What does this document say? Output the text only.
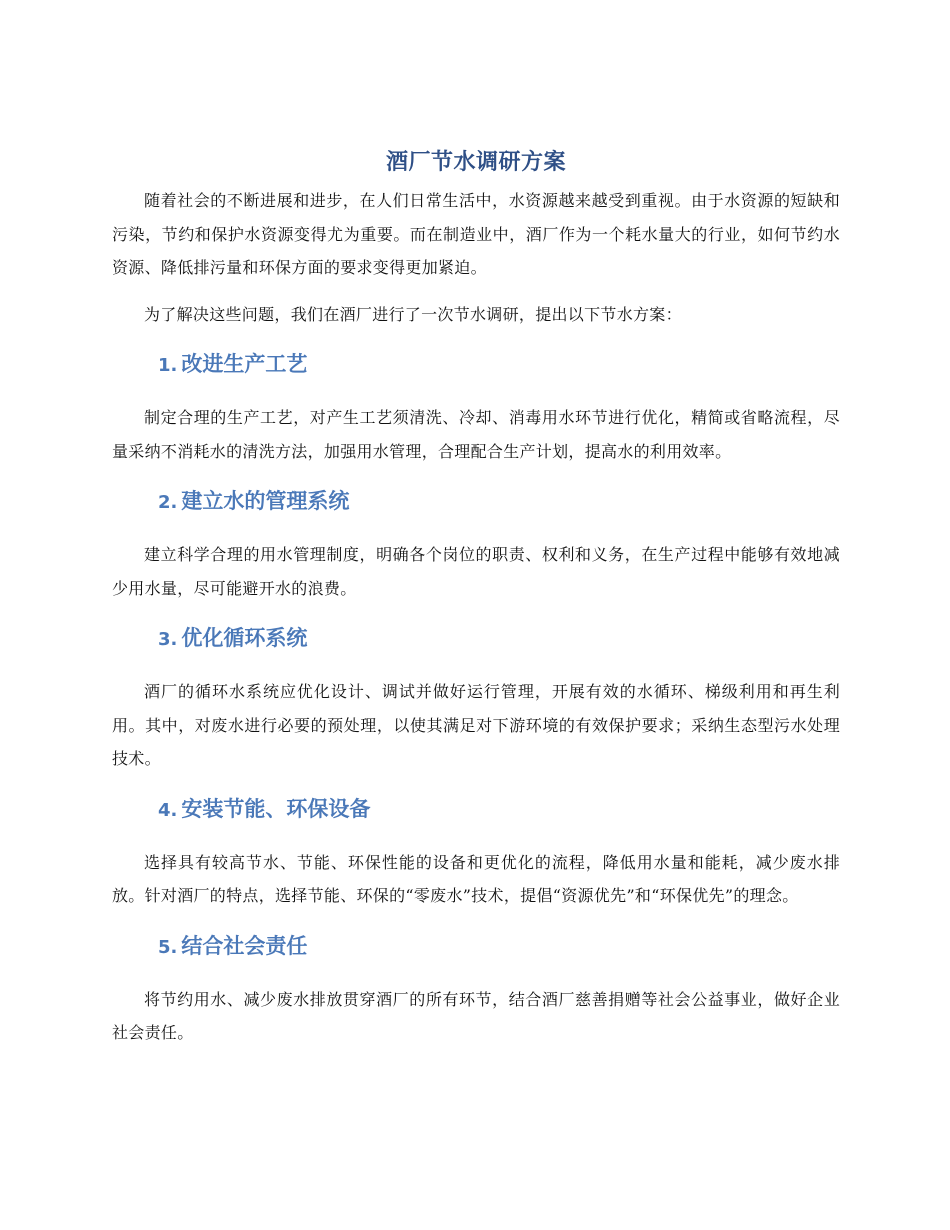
酒厂节水调研方案

随着社会的不断进展和进步，在人们日常生活中，水资源越来越受到重视。由于水资源的短缺和污染，节约和保护水资源变得尤为重要。而在制造业中，酒厂作为一个耗水量大的行业，如何节约水资源、降低排污量和环保方面的要求变得更加紧迫。

为了解决这些问题，我们在酒厂进行了一次节水调研，提出以下节水方案：

1. 改进生产工艺

制定合理的生产工艺，对产生工艺须清洗、冷却、消毒用水环节进行优化，精简或省略流程，尽量采纳不消耗水的清洗方法，加强用水管理，合理配合生产计划，提高水的利用效率。

2. 建立水的管理系统

建立科学合理的用水管理制度，明确各个岗位的职责、权利和义务，在生产过程中能够有效地减少用水量，尽可能避开水的浪费。

3. 优化循环系统

酒厂的循环水系统应优化设计、调试并做好运行管理，开展有效的水循环、梯级利用和再生利用。其中，对废水进行必要的预处理，以使其满足对下游环境的有效保护要求；采纳生态型污水处理技术。

4. 安装节能、环保设备

选择具有较高节水、节能、环保性能的设备和更优化的流程，降低用水量和能耗，减少废水排放。针对酒厂的特点，选择节能、环保的“零废水”技术，提倡“资源优先”和“环保优先”的理念。

5. 结合社会责任

将节约用水、减少废水排放贯穿酒厂的所有环节，结合酒厂慈善捐赠等社会公益事业，做好企业社会责任。
